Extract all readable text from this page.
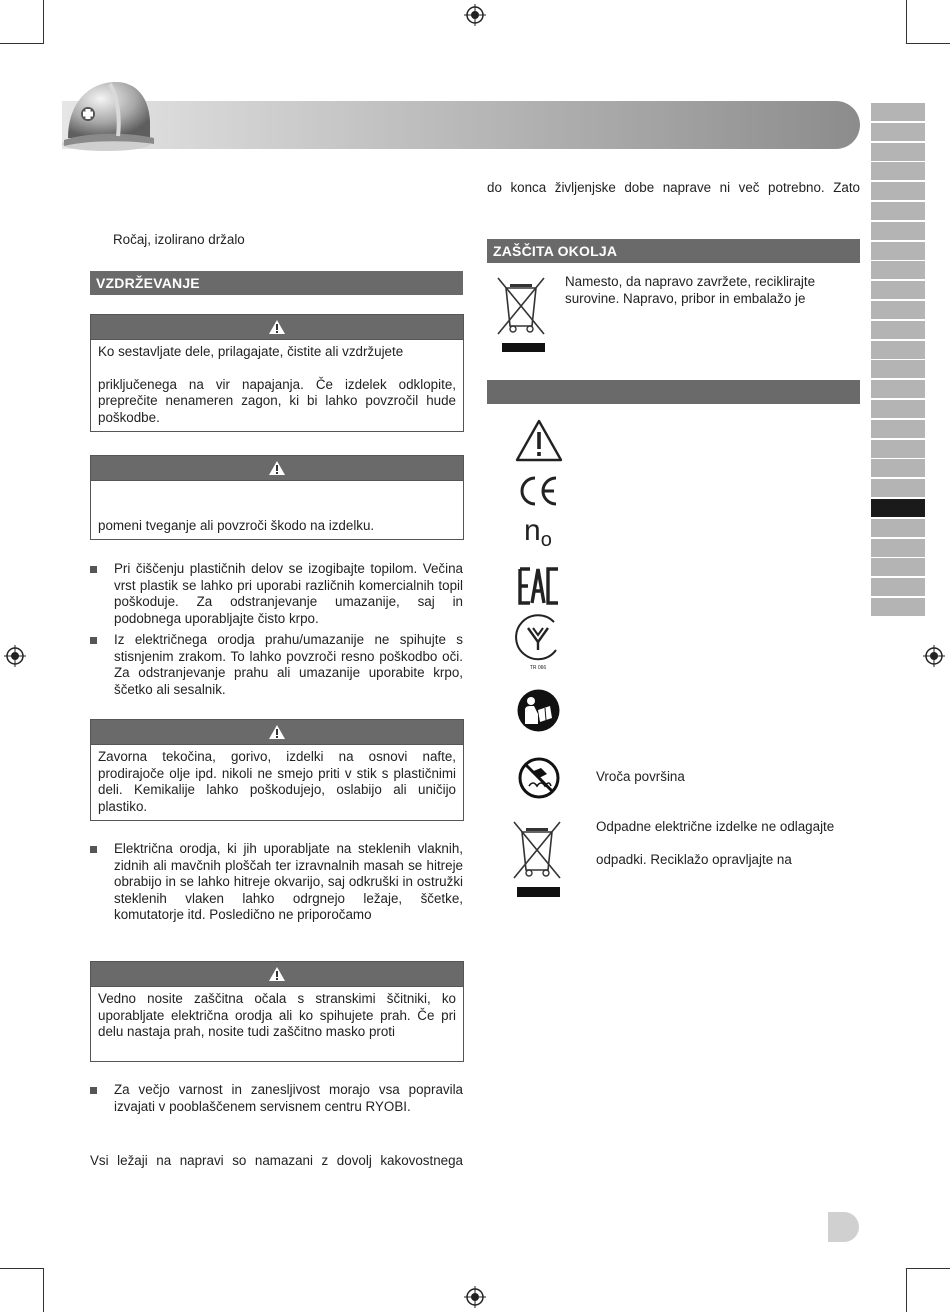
Ročaj, izolirano držalo
VZDRŽEVANJE

Ko sestavljate dele, prilagajate, čistite ali vzdržujete

priključenega na vir napajanja. Če izdelek odklopite, preprečite nenameren zagon, ki bi lahko povzročil hude poškodbe.

pomeni tveganje ali povzroči škodo na izdelku.

Pri čiščenju plastičnih delov se izogibajte topilom. Večina vrst plastik se lahko pri uporabi različnih komercialnih topil poškoduje. Za odstranjevanje umazanije, saj in podobnega uporabljajte čisto krpo.
Iz električnega orodja prahu/umazanije ne spihujte s stisnjenim zrakom. To lahko povzroči resno poškodbo oči. Za odstranjevanje prahu ali umazanije uporabite krpo, ščetko ali sesalnik.

Zavorna tekočina, gorivo, izdelki na osnovi nafte, prodirajoče olje ipd. nikoli ne smejo priti v stik s plastičnimi deli. Kemikalije lahko poškodujejo, oslabijo ali uničijo plastiko.

Električna orodja, ki jih uporabljate na steklenih vlaknih, zidnih ali mavčnih ploščah ter izravnalnih masah se hitreje obrabijo in se lahko hitreje okvarijo, saj odkruški in ostružki steklenih vlaken lahko odrgnejo ležaje, ščetke, komutatorje itd. Posledično ne priporočamo

Vedno nosite zaščitna očala s stranskimi ščitniki, ko uporabljate električna orodja ali ko spihujete prah. Če pri delu nastaja prah, nosite tudi zaščitno masko proti

Za večjo varnost in zanesljivost morajo vsa popravila izvajati v pooblaščenem servisnem centru RYOBI.
Vsi ležaji na napravi so namazani z dovolj kakovostnega
do konca življenjske dobe naprave ni več potrebno. Zato
ZAŠČITA OKOLJA
Namesto, da napravo zavržete, reciklirajte surovine. Napravo, pribor in embalažo je
no
TR 066
Vroča površina
Odpadne električne izdelke ne odlagajte
odpadki. Reciklažo opravljajte na
